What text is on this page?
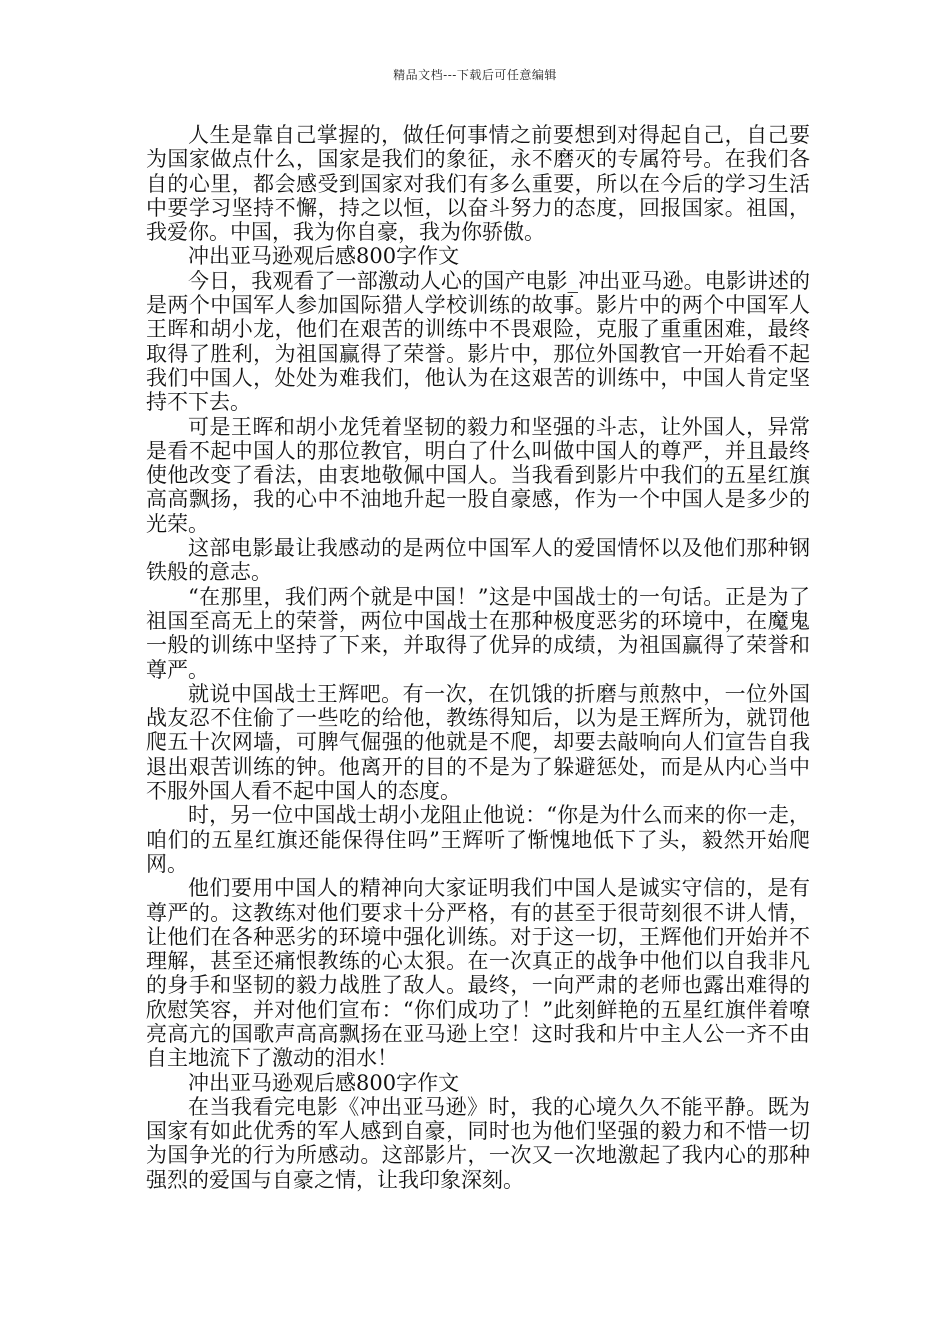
精品文档---下载后可任意编辑

人生是靠自己掌握的，做任何事情之前要想到对得起自己，自己要为国家做点什么，国家是我们的象征，永不磨灭的专属符号。在我们各自的心里，都会感受到国家对我们有多么重要，所以在今后的学习生活中要学习坚持不懈，持之以恒，以奋斗努力的态度，回报国家。祖国，我爱你。中国，我为你自豪，我为你骄傲。

冲出亚马逊观后感800字作文

今日，我观看了一部激动人心的国产电影_冲出亚马逊。电影讲述的是两个中国军人参加国际猎人学校训练的故事。影片中的两个中国军人王晖和胡小龙，他们在艰苦的训练中不畏艰险，克服了重重困难，最终取得了胜利，为祖国赢得了荣誉。影片中，那位外国教官一开始看不起我们中国人，处处为难我们，他认为在这艰苦的训练中，中国人肯定坚持不下去。

可是王晖和胡小龙凭着坚韧的毅力和坚强的斗志，让外国人，异常是看不起中国人的那位教官，明白了什么叫做中国人的尊严，并且最终使他改变了看法，由衷地敬佩中国人。当我看到影片中我们的五星红旗高高飘扬，我的心中不油地升起一股自豪感，作为一个中国人是多少的光荣。

这部电影最让我感动的是两位中国军人的爱国情怀以及他们那种钢铁般的意志。

“在那里，我们两个就是中国！”这是中国战士的一句话。正是为了祖国至高无上的荣誉，两位中国战士在那种极度恶劣的环境中，在魔鬼一般的训练中坚持了下来，并取得了优异的成绩，为祖国赢得了荣誉和尊严。

就说中国战士王辉吧。有一次，在饥饿的折磨与煎熬中，一位外国战友忍不住偷了一些吃的给他，教练得知后，以为是王辉所为，就罚他爬五十次网墙，可脾气倔强的他就是不爬，却要去敲响向人们宣告自我退出艰苦训练的钟。他离开的目的不是为了躲避惩处，而是从内心当中不服外国人看不起中国人的态度。

时，另一位中国战士胡小龙阻止他说：“你是为什么而来的你一走，咱们的五星红旗还能保得住吗”王辉听了惭愧地低下了头，毅然开始爬网。

他们要用中国人的精神向大家证明我们中国人是诚实守信的，是有尊严的。这教练对他们要求十分严格，有的甚至于很苛刻很不讲人情，让他们在各种恶劣的环境中强化训练。对于这一切，王辉他们开始并不理解，甚至还痛恨教练的心太狠。在一次真正的战争中他们以自我非凡的身手和坚韧的毅力战胜了敌人。最终，一向严肃的老师也露出难得的欣慰笑容，并对他们宣布：“你们成功了！”此刻鲜艳的五星红旗伴着嘹亮高亢的国歌声高高飘扬在亚马逊上空！这时我和片中主人公一齐不由自主地流下了激动的泪水！

冲出亚马逊观后感800字作文

在当我看完电影《冲出亚马逊》时，我的心境久久不能平静。既为国家有如此优秀的军人感到自豪，同时也为他们坚强的毅力和不惜一切为国争光的行为所感动。这部影片，一次又一次地激起了我内心的那种强烈的爱国与自豪之情，让我印象深刻。
